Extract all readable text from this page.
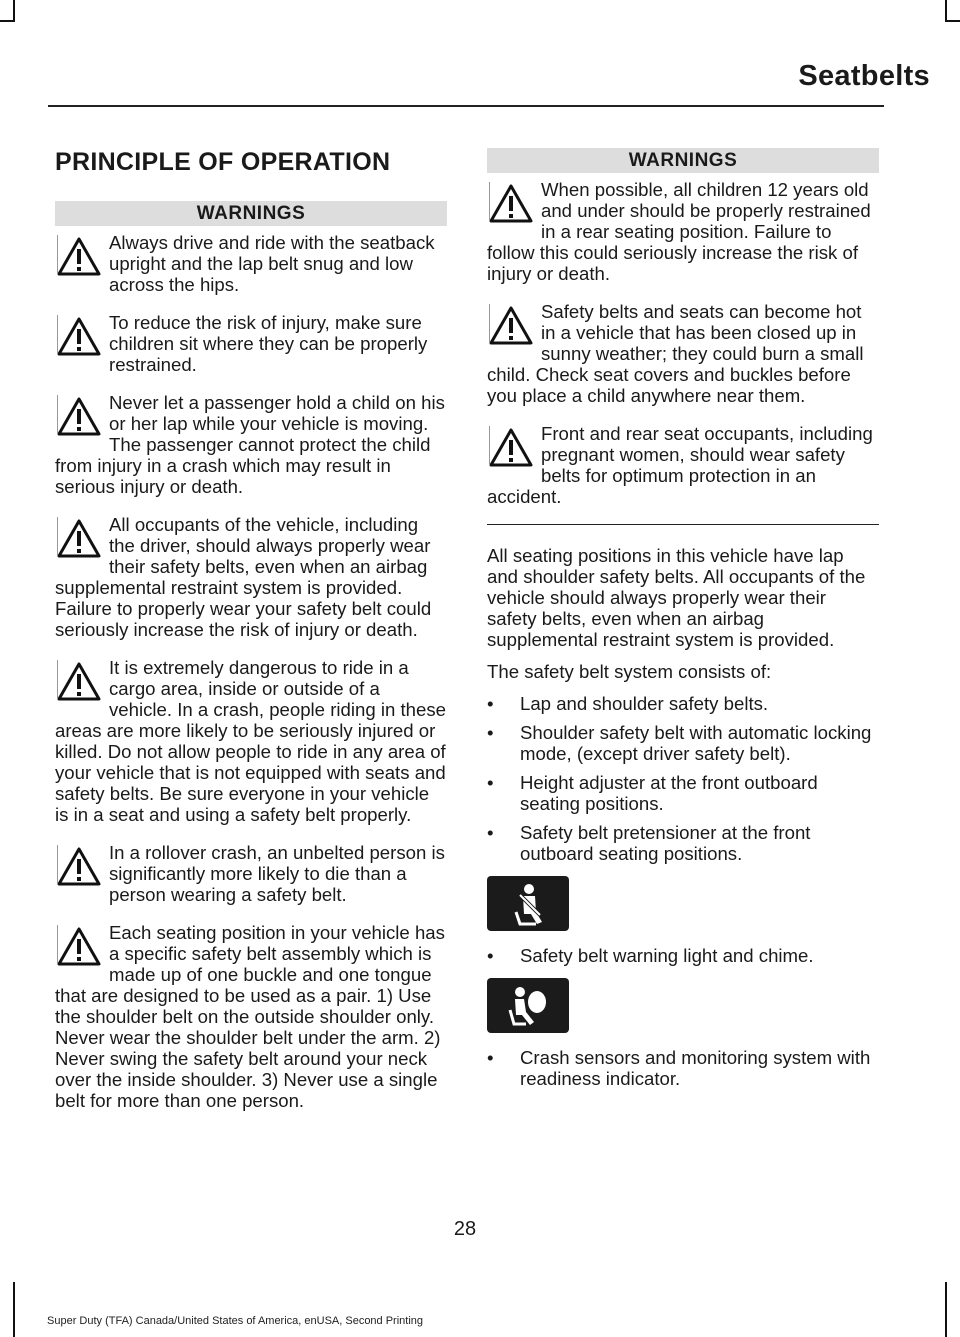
Seatbelts
PRINCIPLE OF OPERATION
WARNINGS
Always drive and ride with the seatback upright and the lap belt snug and low across the hips.
To reduce the risk of injury, make sure children sit where they can be properly restrained.
Never let a passenger hold a child on his or her lap while your vehicle is moving. The passenger cannot protect the child from injury in a crash which may result in serious injury or death.
All occupants of the vehicle, including the driver, should always properly wear their safety belts, even when an airbag supplemental restraint system is provided. Failure to properly wear your safety belt could seriously increase the risk of injury or death.
It is extremely dangerous to ride in a cargo area, inside or outside of a vehicle. In a crash, people riding in these areas are more likely to be seriously injured or killed. Do not allow people to ride in any area of your vehicle that is not equipped with seats and safety belts. Be sure everyone in your vehicle is in a seat and using a safety belt properly.
In a rollover crash, an unbelted person is significantly more likely to die than a person wearing a safety belt.
Each seating position in your vehicle has a specific safety belt assembly which is made up of one buckle and one tongue that are designed to be used as a pair. 1) Use the shoulder belt on the outside shoulder only. Never wear the shoulder belt under the arm. 2) Never swing the safety belt around your neck over the inside shoulder. 3) Never use a single belt for more than one person.
WARNINGS
When possible, all children 12 years old and under should be properly restrained in a rear seating position. Failure to follow this could seriously increase the risk of injury or death.
Safety belts and seats can become hot in a vehicle that has been closed up in sunny weather; they could burn a small child. Check seat covers and buckles before you place a child anywhere near them.
Front and rear seat occupants, including pregnant women, should wear safety belts for optimum protection in an accident.

All seating positions in this vehicle have lap and shoulder safety belts. All occupants of the vehicle should always properly wear their safety belts, even when an airbag supplemental restraint system is provided.

The safety belt system consists of:

• Lap and shoulder safety belts.
• Shoulder safety belt with automatic locking mode, (except driver safety belt).
• Height adjuster at the front outboard seating positions.
• Safety belt pretensioner at the front outboard seating positions.
• Safety belt warning light and chime.
• Crash sensors and monitoring system with readiness indicator.
28
Super Duty (TFA) Canada/United States of America, enUSA, Second Printing
